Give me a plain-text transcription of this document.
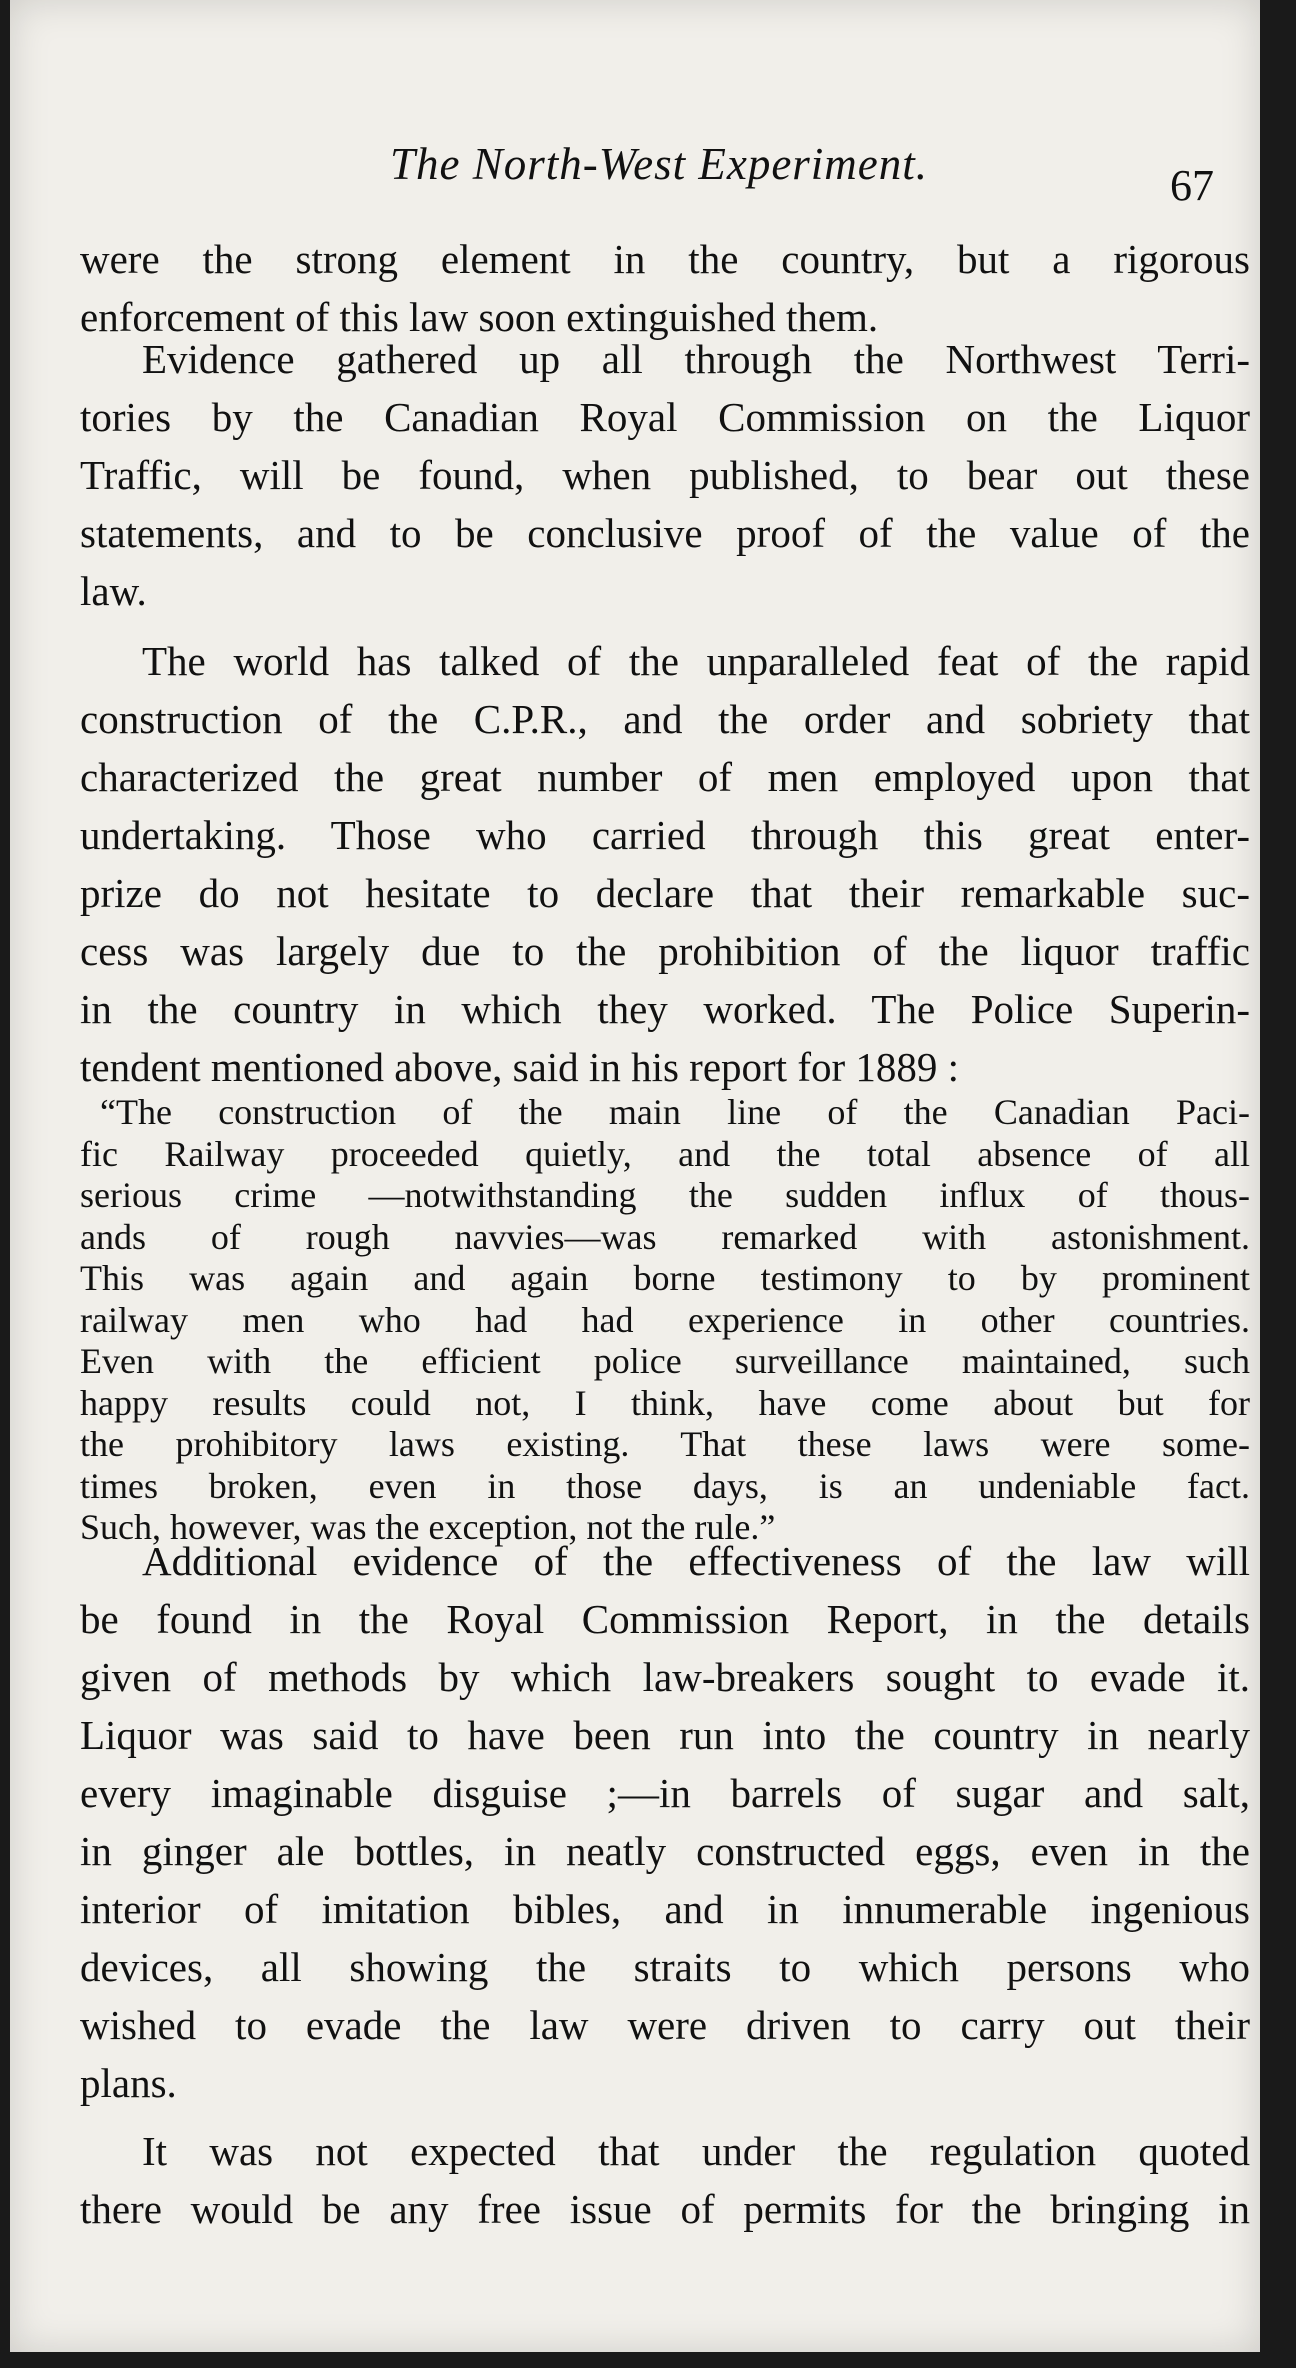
The North-West Experiment.	67
were the strong element in the country, but a rigorous
enforcement of this law soon extinguished them.
Evidence gathered up all through the Northwest Terri-
tories by the Canadian Royal Commission on the Liquor
Traffic, will be found, when published, to bear out these
statements, and to be conclusive proof of the value of the
law.
The world has talked of the unparalleled feat of the rapid
construction of the C.P.R., and the order and sobriety that
characterized the great number of men employed upon that
undertaking. Those who carried through this great enter-
prize do not hesitate to declare that their remarkable suc-
cess was largely due to the prohibition of the liquor traffic
in the country in which they worked. The Police Superin-
tendent mentioned above, said in his report for 1889 :
“The construction of the main line of the Canadian Paci-
fic Railway proceeded quietly, and the total absence of all
serious crime —notwithstanding the sudden influx of thous-
ands of rough navvies—was remarked with astonishment.
This was again and again borne testimony to by prominent
railway men who had had experience in other countries.
Even with the efficient police surveillance maintained, such
happy results could not, I think, have come about but for
the prohibitory laws existing. That these laws were some-
times broken, even in those days, is an undeniable fact.
Such, however, was the exception, not the rule.”
Additional evidence of the effectiveness of the law will
be found in the Royal Commission Report, in the details
given of methods by which law-breakers sought to evade it.
Liquor was said to have been run into the country in nearly
every imaginable disguise ;—in barrels of sugar and salt,
in ginger ale bottles, in neatly constructed eggs, even in the
interior of imitation bibles, and in innumerable ingenious
devices, all showing the straits to which persons who
wished to evade the law were driven to carry out their
plans.
It was not expected that under the regulation quoted
there would be any free issue of permits for the bringing in
